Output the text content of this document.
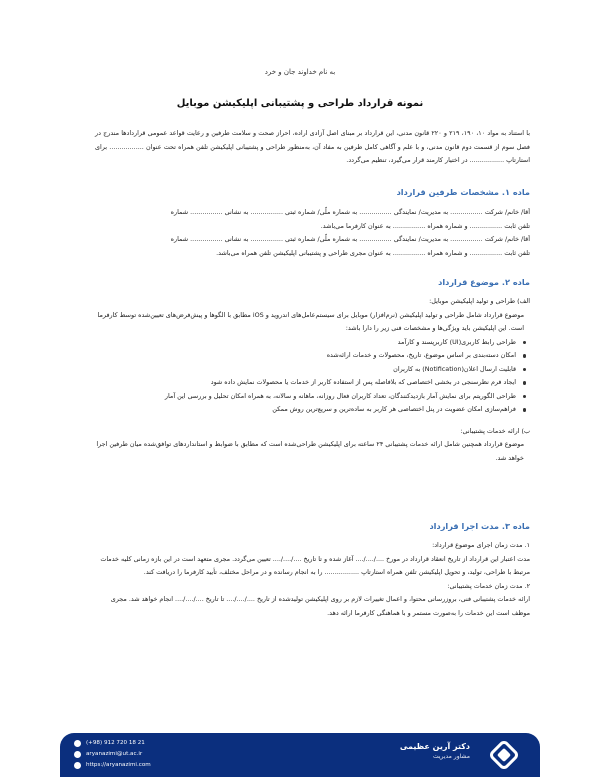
به نام خداوند جان و خرد
نمونه قرارداد طراحی و پشتیبانی اپلیکیشن موبایل
با استناد به مواد ۱۰، ۱۹۰، ۲۱۹ و ۲۲۰ قانون مدنی، این قرارداد بر مبنای اصل آزادی اراده، احراز صحت و سلامت طرفین و رعایت قواعد عمومی قراردادها مندرج در فصل سوم از قسمت دوم قانون مدنی، و با علم و آگاهی کامل طرفین به مفاد آن، به‌منظور طراحی و پشتیبانی اپلیکیشن تلفن همراه تحت عنوان ................. برای استارتاپ ................. در اختیار کارمند قرار می‌گیرد، تنظیم می‌گردد.
ماده ۱. مشخصات طرفین قرارداد
آقا/ خانم/ شرکت ................ به مدیریت/ نمایندگی ................ به شماره ملّی/ شماره ثبتی ................ به نشانی ................ شماره
تلفن ثابت ................ و شماره همراه ................ به عنوان کارفرما می‌باشد.
آقا/ خانم/ شرکت ................ به مدیریت/ نمایندگی ................ به شماره ملّی/ شماره ثبتی ................ به نشانی ................ شماره
تلفن ثابت ................ و شماره همراه ................ به عنوان مجری طراحی و پشتیبانی اپلیکیشن تلفن همراه می‌باشد.
ماده ۲. موضوع قرارداد
الف) طراحی و تولید اپلیکیشن موبایل:
موضوع قرارداد شامل طراحی و تولید اپلیکیشن (نرم‌افزار) موبایل برای سیستم‌عامل‌های اندروید و iOS مطابق با الگوها و پیش‌فرض‌های تعیین‌شده توسط کارفرما است. این اپلیکیشن باید ویژگی‌ها و مشخصات فنی زیر را دارا باشد:
طراحی رابط کاربری(UI) کاربرپسند و کارآمد
امکان دسته‌بندی بر اساس موضوع، تاریخ، محصولات و خدمات ارائه‌شده
قابلیت ارسال اعلان(Notification) به کاربران
ایجاد فرم نظرسنجی در بخشی اختصاصی که بلافاصله پس از استفاده کاربر از خدمات یا محصولات نمایش داده شود
طراحی الگوریتم برای نمایش آمار بازدیدکنندگان، تعداد کاربران فعال روزانه، ماهانه و سالانه، به همراه امکان تحلیل و بررسی این آمار
فراهم‌سازی امکان عضویت در پنل اختصاصی هر کاربر به ساده‌ترین و سریع‌ترین روش ممکن
ب) ارائه خدمات پشتیبانی:
موضوع قرارداد همچنین شامل ارائه خدمات پشتیبانی ۲۴ ساعته برای اپلیکیشن طراحی‌شده است که مطابق با ضوابط و استانداردهای توافق‌شده میان طرفین اجرا خواهد شد.
ماده ۳. مدت اجرا قرارداد
۱. مدت زمان اجرای موضوع قرارداد:
مدت اعتبار این قرارداد از تاریخ انعقاد قرارداد در مورخ ..../..../.... آغاز شده و تا تاریخ ..../..../.... تعیین می‌گردد. مجری متعهد است در این بازه زمانی کلیه خدمات مرتبط با طراحی، تولید، و تحویل اپلیکیشن تلفن همراه استارتاپ ................. را به انجام رسانده و در مراحل مختلف، تأیید کارفرما را دریافت کند.
۲. مدت زمان خدمات پشتیبانی:
ارائه خدمات پشتیبانی فنی، بروزرسانی محتوا، و اعمال تغییرات لازم بر روی اپلیکیشن تولیدشده از تاریخ ..../..../.... تا تاریخ ..../..../.... انجام خواهد شد. مجری موظف است این خدمات را به‌صورت مستمر و با هماهنگی کارفرما ارائه دهد.
دکتر آرین عظیمی
مشاور مدیریت
(+98) 912 720 18 21
aryanazimi@ut.ac.ir
https://aryanazimi.com
